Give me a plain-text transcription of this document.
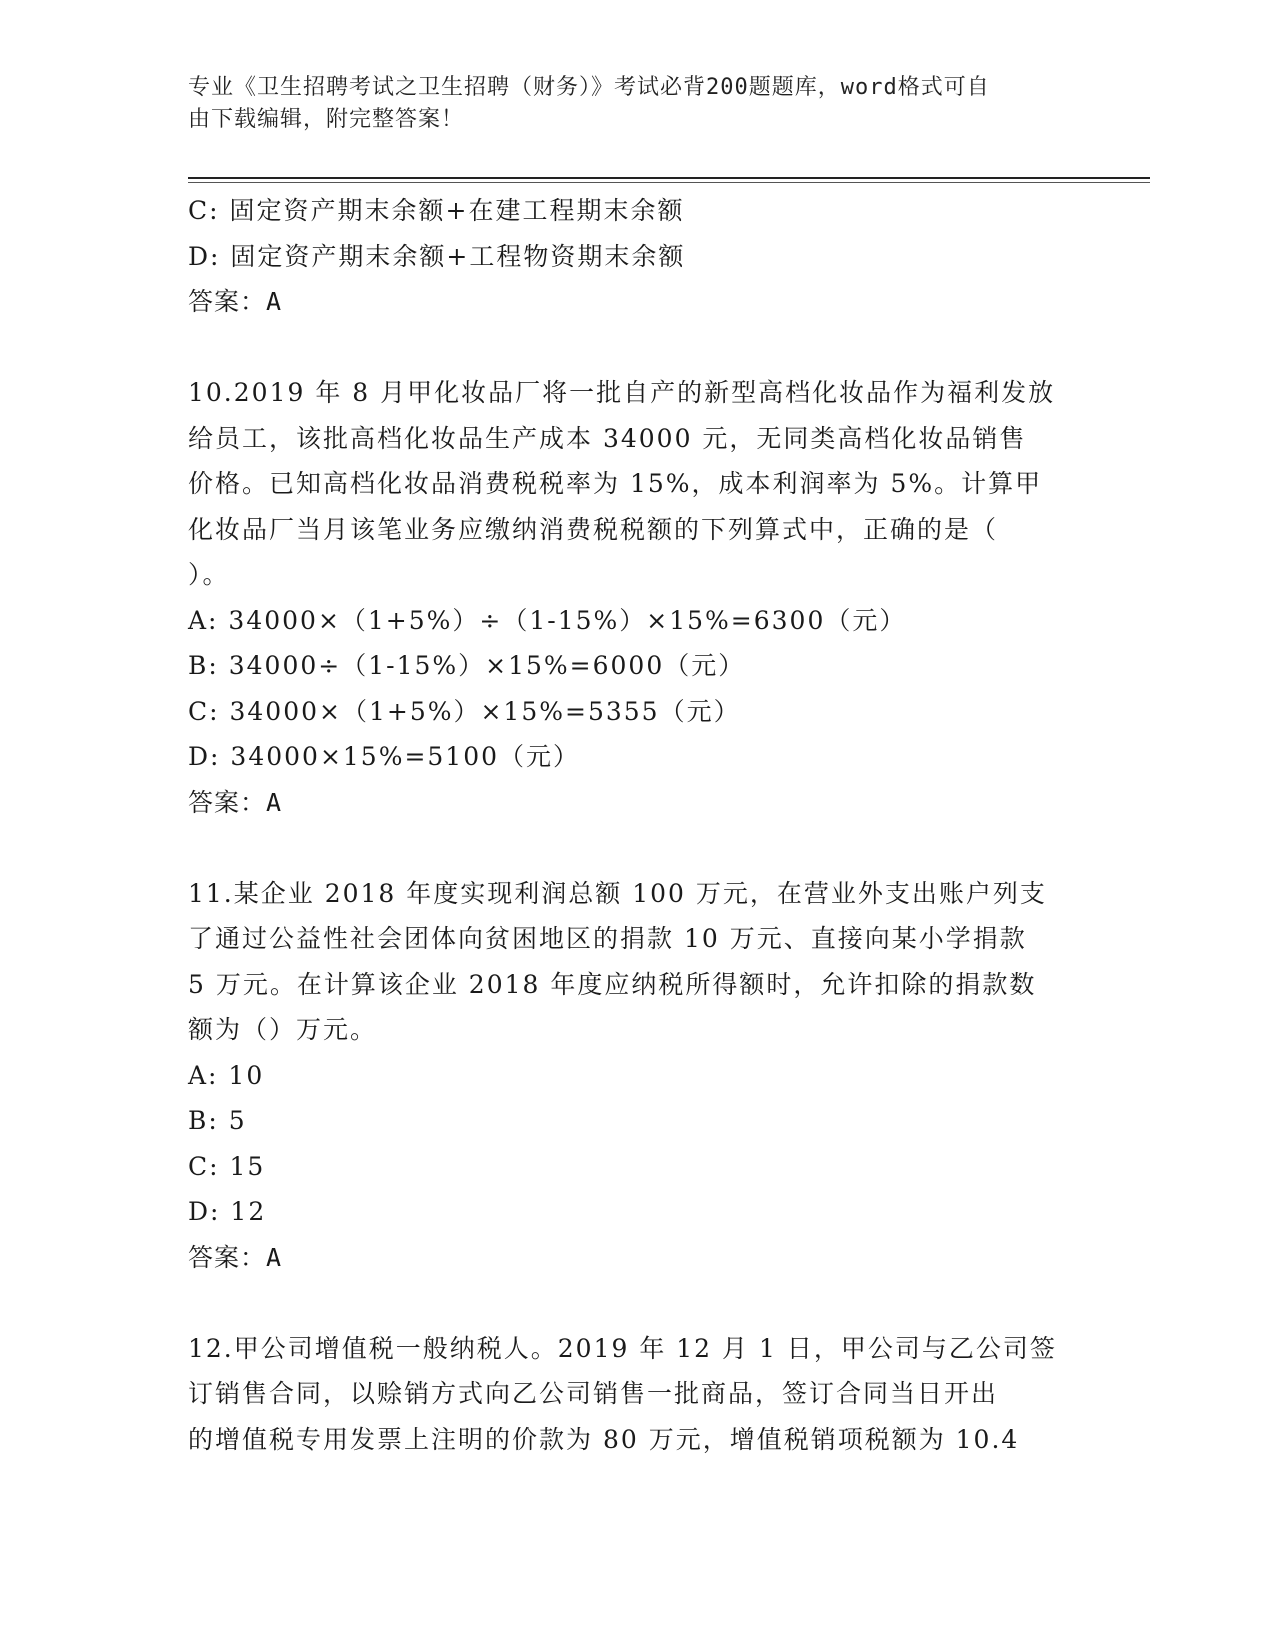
专业《卫生招聘考试之卫生招聘（财务）》考试必背200题题库，word格式可自
由下载编辑，附完整答案！
C: 固定资产期末余额+在建工程期末余额
D: 固定资产期末余额+工程物资期末余额
答案：A
10.2019 年 8 月甲化妆品厂将一批自产的新型高档化妆品作为福利发放
给员工，该批高档化妆品生产成本 34000 元，无同类高档化妆品销售
价格。已知高档化妆品消费税税率为 15%，成本利润率为 5%。计算甲
化妆品厂当月该笔业务应缴纳消费税税额的下列算式中，正确的是（
）。
A: 34000×（1+5%）÷（1-15%）×15%=6300（元）
B: 34000÷（1-15%）×15%=6000（元）
C: 34000×（1+5%）×15%=5355（元）
D: 34000×15%=5100（元）
答案：A
11.某企业 2018 年度实现利润总额 100 万元，在营业外支出账户列支
了通过公益性社会团体向贫困地区的捐款 10 万元、直接向某小学捐款
5 万元。在计算该企业 2018 年度应纳税所得额时，允许扣除的捐款数
额为（）万元。
A: 10
B: 5
C: 15
D: 12
答案：A
12.甲公司增值税一般纳税人。2019 年 12 月 1 日，甲公司与乙公司签
订销售合同，以赊销方式向乙公司销售一批商品，签订合同当日开出
的增值税专用发票上注明的价款为 80 万元，增值税销项税额为 10.4
